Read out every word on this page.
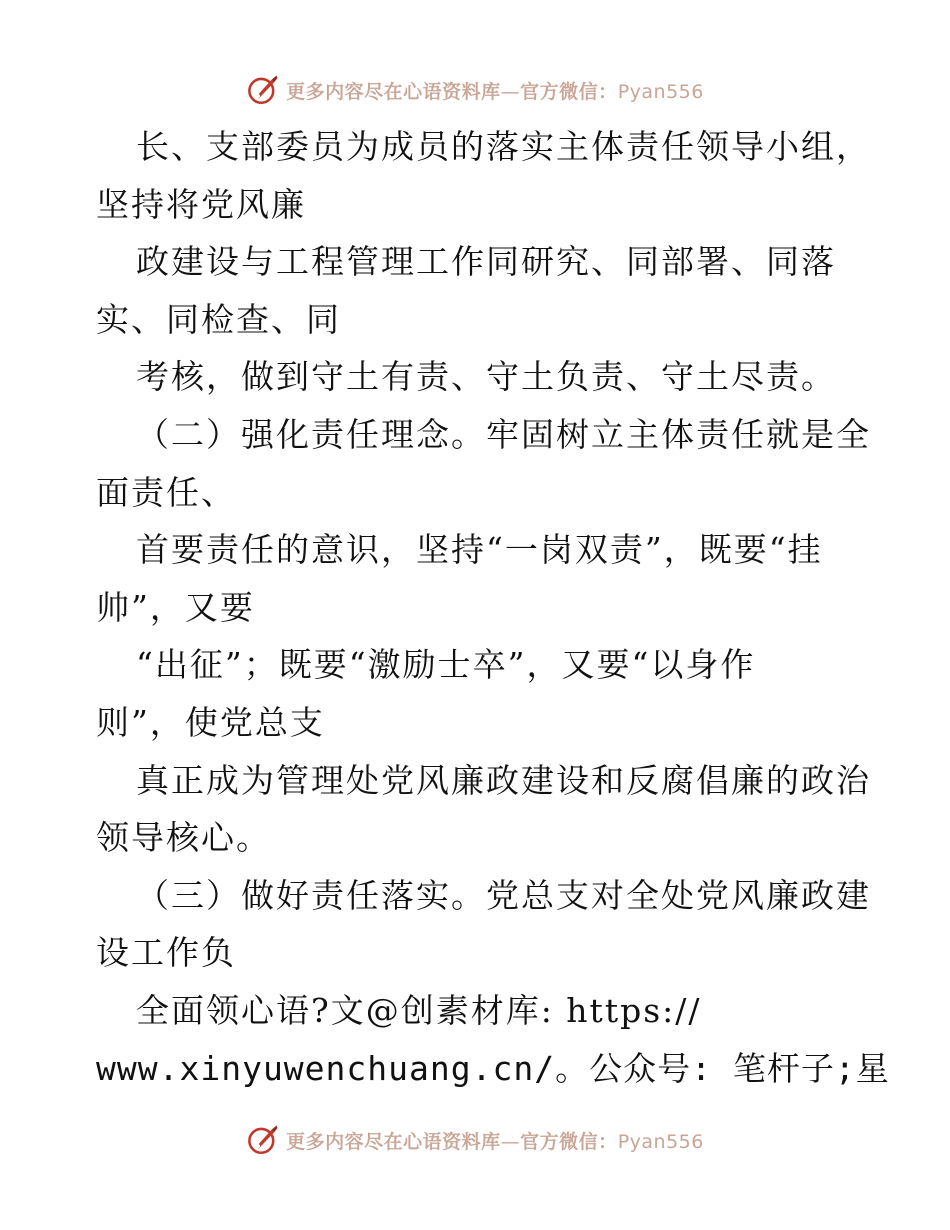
更多内容尽在心语资料库—官方微信：Pyan556
长、支部委员为成员的落实主体责任领导小组，
坚持将党风廉
政建设与工程管理工作同研究、同部署、同落
实、同检查、同
考核，做到守土有责、守土负责、守土尽责。
（二）强化责任理念。牢固树立主体责任就是全
面责任、
首要责任的意识，坚持“一岗双责”，既要“挂
帅”，又要
“出征”；既要“激励士卒”，又要“以身作
则”，使党总支
真正成为管理处党风廉政建设和反腐倡廉的政治
领导核心。
（三）做好责任落实。党总支对全处党风廉政建
设工作负
全面领心语?文@创素材库: https://
www.xinyuwenchuang.cn/。公众号: 笔杆子;星
更多内容尽在心语资料库—官方微信：Pyan556
